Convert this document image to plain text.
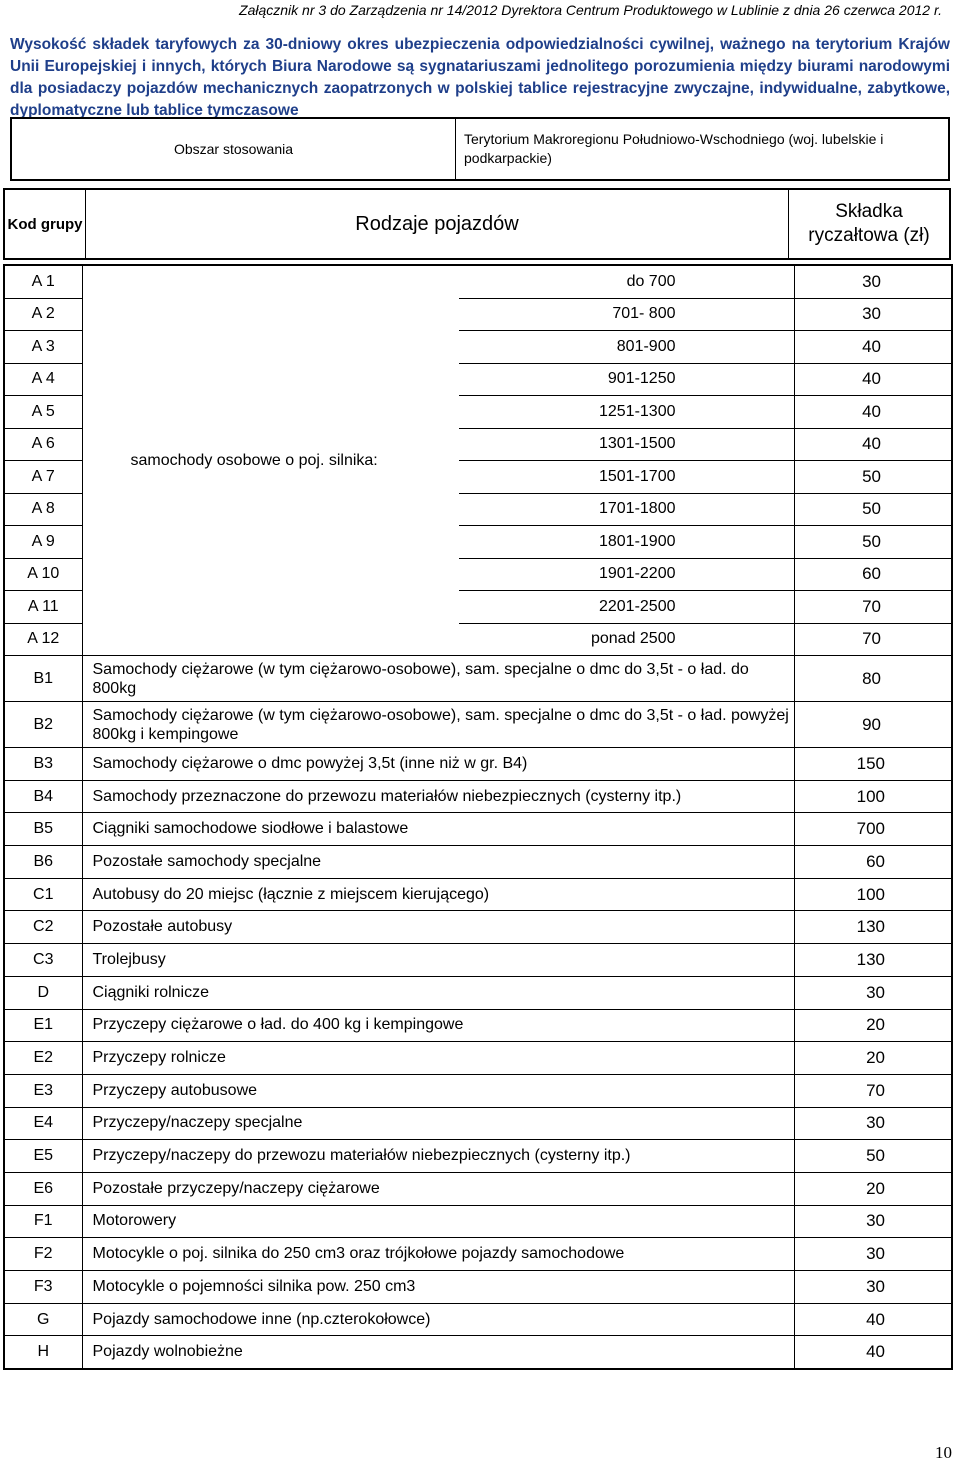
Załącznik nr 3 do Zarządzenia nr 14/2012 Dyrektora Centrum Produktowego w Lublinie z dnia 26 czerwca 2012 r.
Wysokość składek taryfowych za 30-dniowy okres ubezpieczenia odpowiedzialności cywilnej, ważnego na terytorium Krajów Unii Europejskiej i innych, których Biura Narodowe są sygnatariuszami jednolitego porozumienia między biurami narodowymi dla posiadaczy pojazdów mechanicznych zaopatrzonych w polskiej tablice rejestracyjne zwyczajne, indywidualne, zabytkowe, dyplomatyczne lub tablice tymczasowe
Obszar stosowania	Terytorium Makroregionu Południowo-Wschodniego (woj. lubelskie i podkarpackie)
Kod grupy	Rodzaje pojazdów	Składka ryczałtowa (zł)
A 1	samochody osobowe o poj. silnika:	do 700	30
A 2		701- 800	30
A 3		801-900	40
A 4		901-1250	40
A 5		1251-1300	40
A 6		1301-1500	40
A 7		1501-1700	50
A 8		1701-1800	50
A 9		1801-1900	50
A 10		1901-2200	60
A 11		2201-2500	70
A 12		ponad 2500	70
B1	Samochody ciężarowe (w tym ciężarowo-osobowe), sam. specjalne o dmc do 3,5t - o ład. do 800kg		80
B2	Samochody ciężarowe (w tym ciężarowo-osobowe), sam. specjalne o dmc do 3,5t - o ład. powyżej 800kg i kempingowe		90
B3	Samochody ciężarowe o dmc powyżej 3,5t (inne niż w gr. B4)		150
B4	Samochody przeznaczone do przewozu materiałów niebezpiecznych (cysterny itp.)		100
B5	Ciągniki samochodowe siodłowe i balastowe		700
B6	Pozostałe samochody specjalne		60
C1	Autobusy do 20 miejsc (łącznie z miejscem kierującego)		100
C2	Pozostałe autobusy		130
C3	Trolejbusy		130
D	Ciągniki rolnicze		30
E1	Przyczepy ciężarowe o ład. do 400 kg i kempingowe		20
E2	Przyczepy rolnicze		20
E3	Przyczepy autobusowe		70
E4	Przyczepy/naczepy specjalne		30
E5	Przyczepy/naczepy do przewozu materiałów niebezpiecznych (cysterny itp.)		50
E6	Pozostałe przyczepy/naczepy ciężarowe		20
F1	Motorowery		30
F2	Motocykle o poj. silnika do 250 cm3 oraz trójkołowe pojazdy samochodowe		30
F3	Motocykle o pojemności silnika pow. 250 cm3		30
G	Pojazdy samochodowe inne (np.czterokołowce)		40
H	Pojazdy wolnobieżne		40
10
